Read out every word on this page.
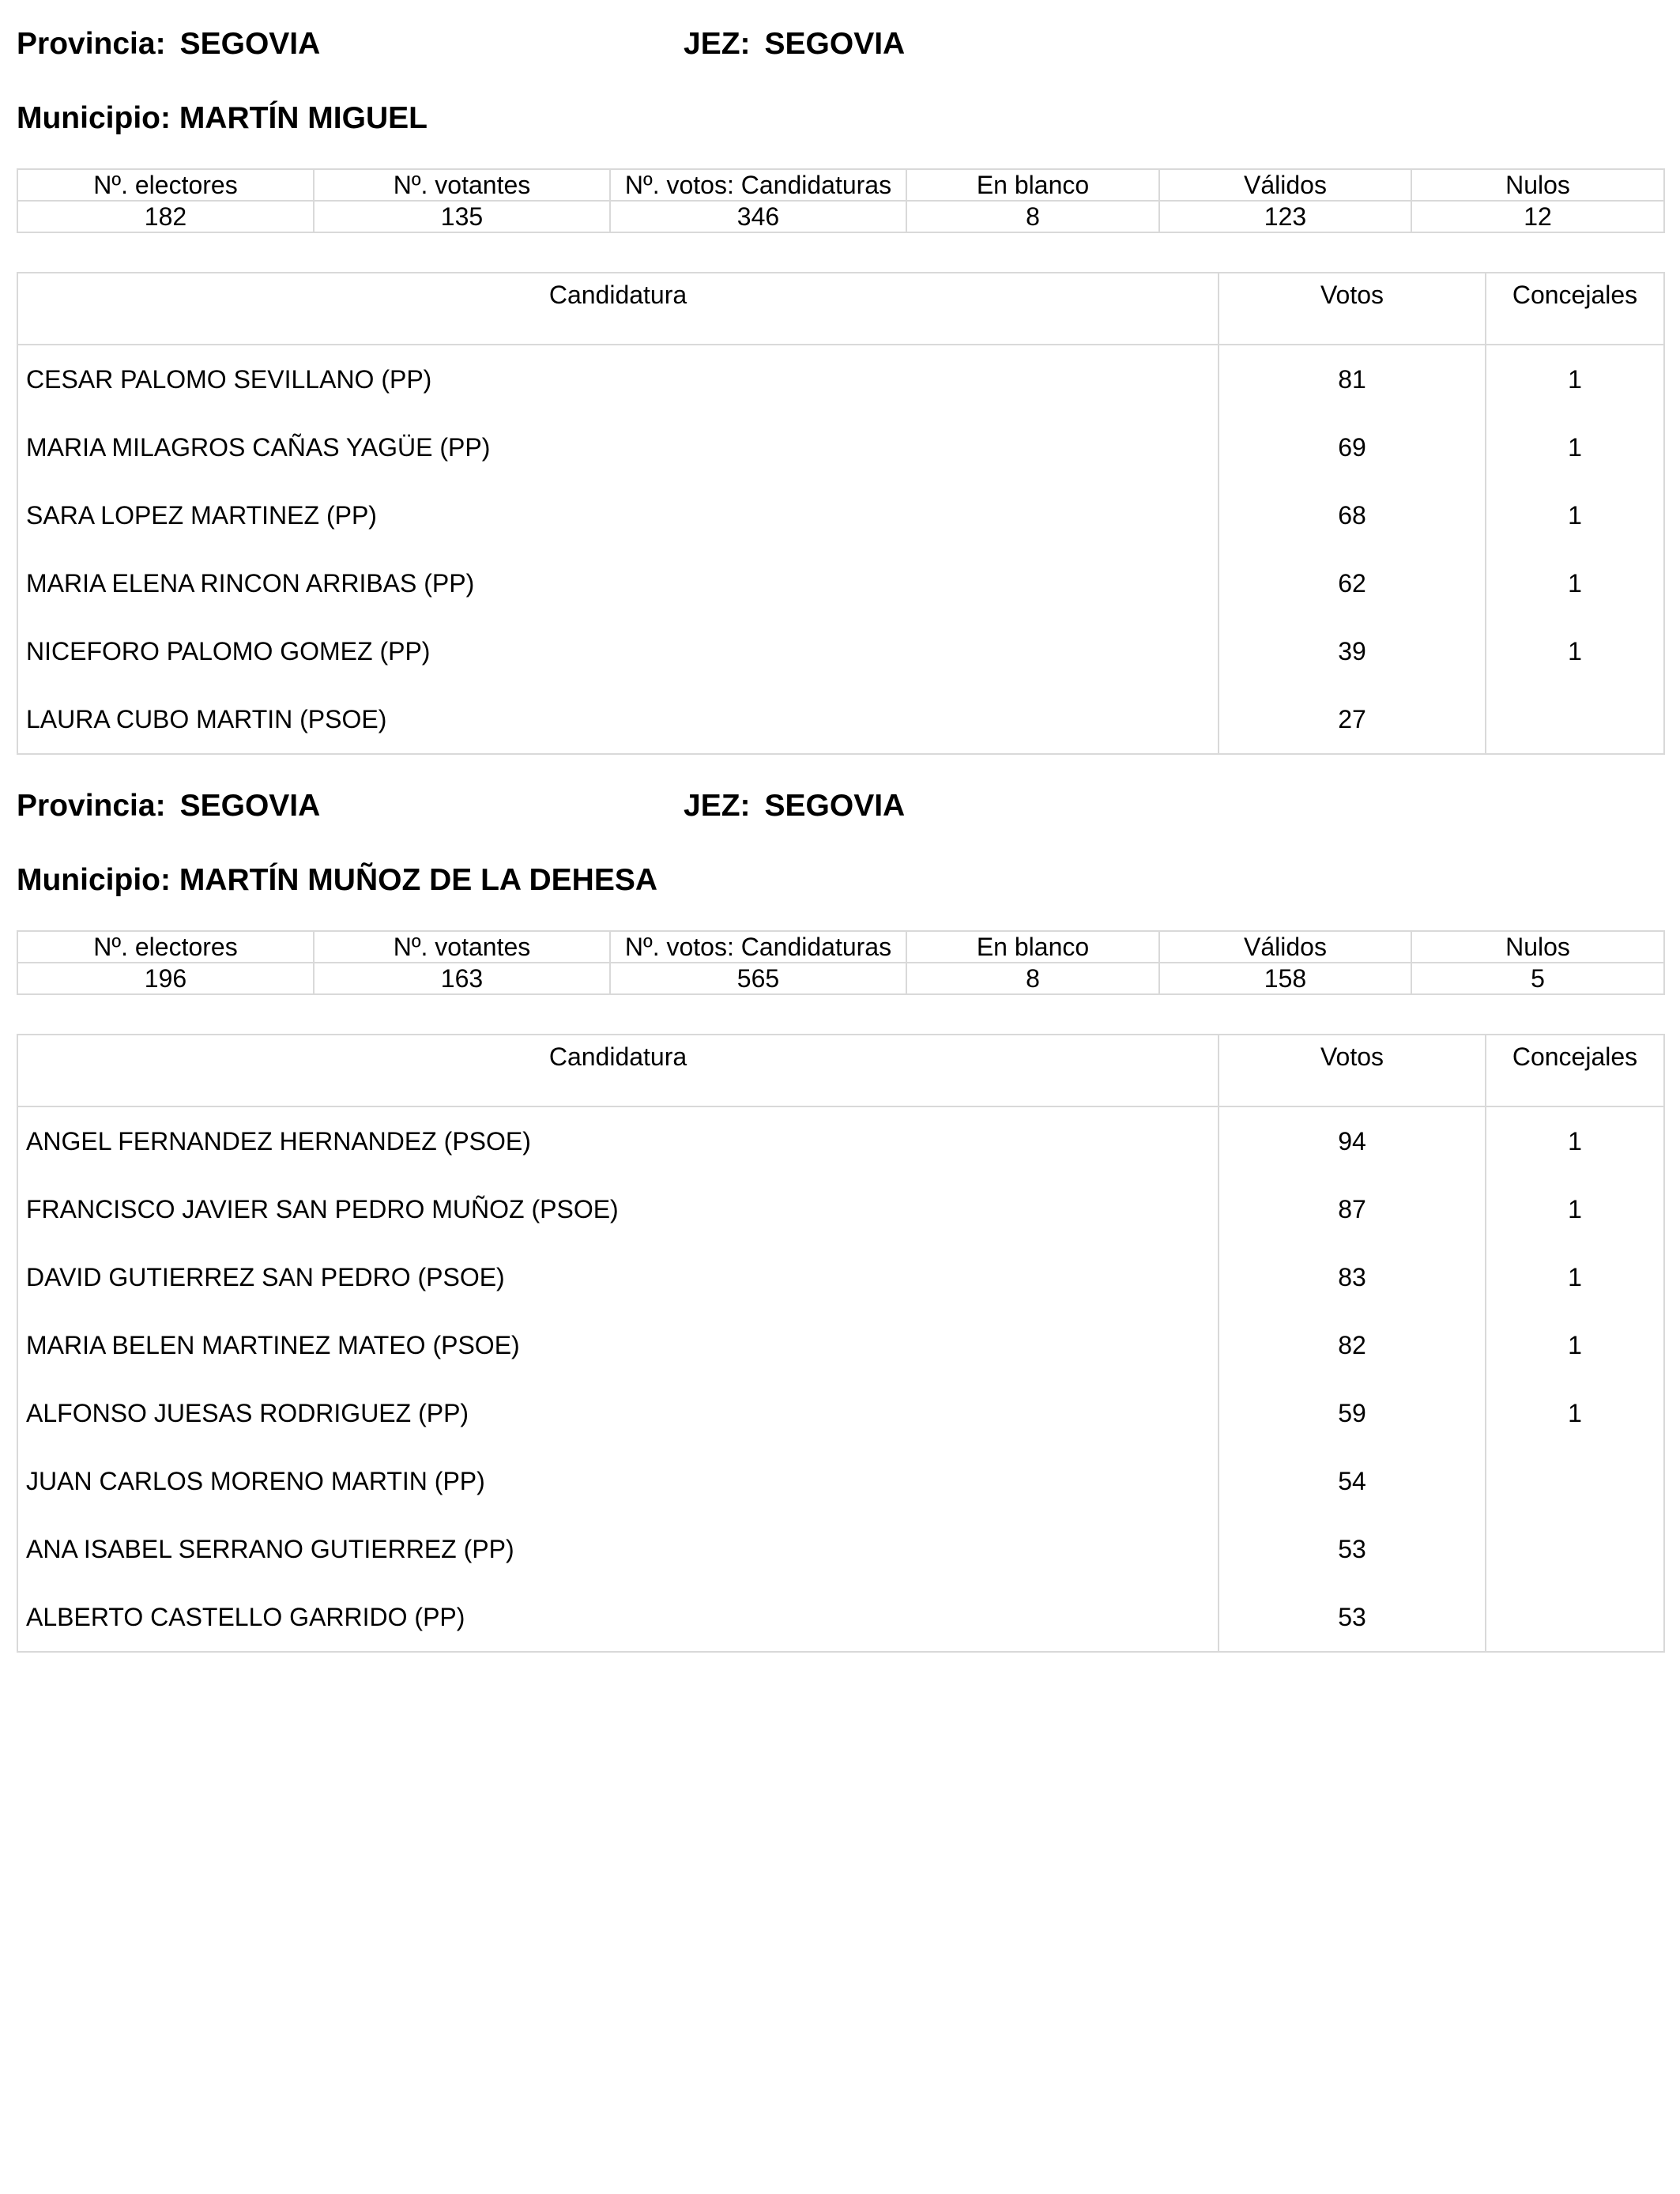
Provincia: SEGOVIA	JEZ: SEGOVIA
Municipio: MARTÍN MIGUEL
Nº. electores	Nº. votantes	Nº. votos: Candidaturas	En blanco	Válidos	Nulos
182	135	346	8	123	12
Candidatura	Votos	Concejales
CESAR PALOMO SEVILLANO (PP)	81	1
MARIA MILAGROS CAÑAS YAGÜE (PP)	69	1
SARA LOPEZ MARTINEZ (PP)	68	1
MARIA ELENA RINCON ARRIBAS (PP)	62	1
NICEFORO PALOMO GOMEZ (PP)	39	1
LAURA CUBO MARTIN (PSOE)	27	
Provincia: SEGOVIA	JEZ: SEGOVIA
Municipio: MARTÍN MUÑOZ DE LA DEHESA
Nº. electores	Nº. votantes	Nº. votos: Candidaturas	En blanco	Válidos	Nulos
196	163	565	8	158	5
Candidatura	Votos	Concejales
ANGEL FERNANDEZ HERNANDEZ (PSOE)	94	1
FRANCISCO JAVIER SAN PEDRO MUÑOZ (PSOE)	87	1
DAVID GUTIERREZ SAN PEDRO (PSOE)	83	1
MARIA BELEN MARTINEZ MATEO (PSOE)	82	1
ALFONSO JUESAS RODRIGUEZ (PP)	59	1
JUAN CARLOS MORENO MARTIN (PP)	54	
ANA ISABEL SERRANO GUTIERREZ (PP)	53	
ALBERTO CASTELLO GARRIDO (PP)	53	
